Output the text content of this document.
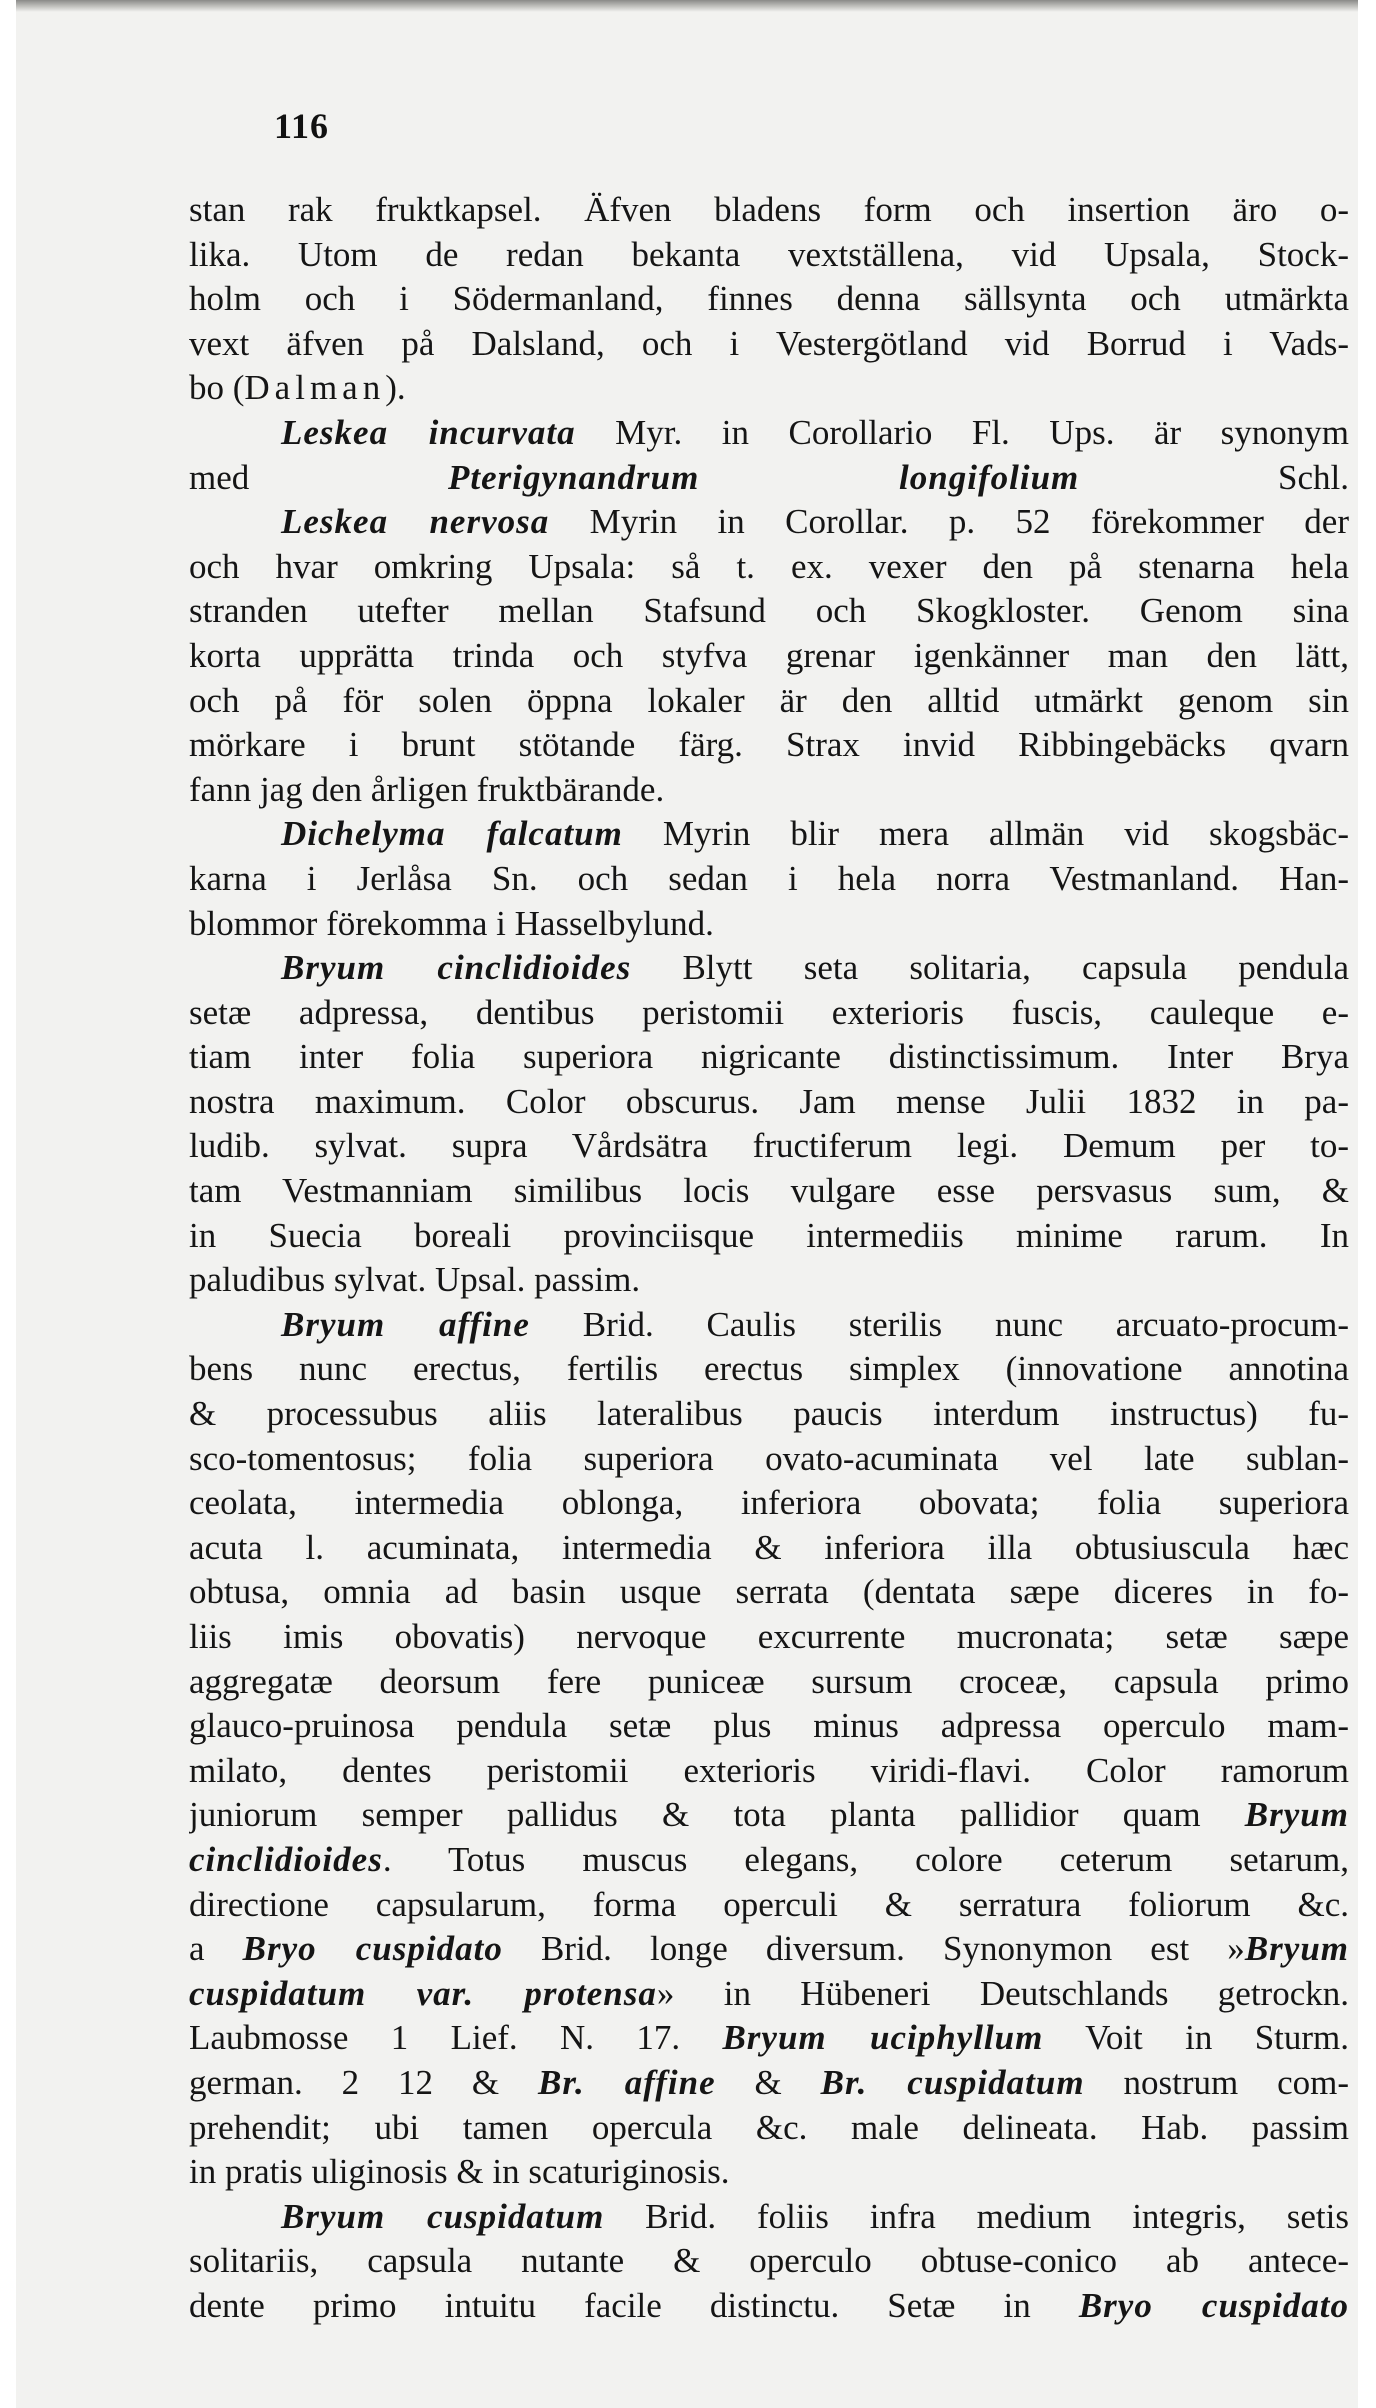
116
stan rak fruktkapsel. Äfven bladens form och insertion äro o-
lika. Utom de redan bekanta vextställena, vid Upsala, Stock-
holm och i Södermanland, finnes denna sällsynta och utmärkta
vext äfven på Dalsland, och i Vestergötland vid Borrud i Vads-
bo (Dalman).
Leskea incurvata Myr. in Corollario Fl. Ups. är synonym
med Pterigynandrum longifolium Schl.
Leskea nervosa Myrin in Corollar. p. 52 förekommer der
och hvar omkring Upsala: så t. ex. vexer den på stenarna hela
stranden utefter mellan Stafsund och Skogkloster. Genom sina
korta upprätta trinda och styfva grenar igenkänner man den lätt,
och på för solen öppna lokaler är den alltid utmärkt genom sin
mörkare i brunt stötande färg. Strax invid Ribbingebäcks qvarn
fann jag den årligen fruktbärande.
Dichelyma falcatum Myrin blir mera allmän vid skogsbäc-
karna i Jerlåsa Sn. och sedan i hela norra Vestmanland. Han-
blommor förekomma i Hasselbylund.
Bryum cinclidioides Blytt seta solitaria, capsula pendula
setæ adpressa, dentibus peristomii exterioris fuscis, cauleque e-
tiam inter folia superiora nigricante distinctissimum. Inter Brya
nostra maximum. Color obscurus. Jam mense Julii 1832 in pa-
ludib. sylvat. supra Vårdsätra fructiferum legi. Demum per to-
tam Vestmanniam similibus locis vulgare esse persvasus sum, &
in Suecia boreali provinciisque intermediis minime rarum. In
paludibus sylvat. Upsal. passim.
Bryum affine Brid. Caulis sterilis nunc arcuato-procum-
bens nunc erectus, fertilis erectus simplex (innovatione annotina
& processubus aliis lateralibus paucis interdum instructus) fu-
sco-tomentosus; folia superiora ovato-acuminata vel late sublan-
ceolata, intermedia oblonga, inferiora obovata; folia superiora
acuta l. acuminata, intermedia & inferiora illa obtusiuscula hæc
obtusa, omnia ad basin usque serrata (dentata sæpe diceres in fo-
liis imis obovatis) nervoque excurrente mucronata; setæ sæpe
aggregatæ deorsum fere puniceæ sursum croceæ, capsula primo
glauco-pruinosa pendula setæ plus minus adpressa operculo mam-
milato, dentes peristomii exterioris viridi-flavi. Color ramorum
juniorum semper pallidus & tota planta pallidior quam Bryum
cinclidioides. Totus muscus elegans, colore ceterum setarum,
directione capsularum, forma operculi & serratura foliorum &c.
a Bryo cuspidato Brid. longe diversum. Synonymon est »Bryum
cuspidatum var. protensa» in Hübeneri Deutschlands getrockn.
Laubmosse 1 Lief. N. 17. Bryum uciphyllum Voit in Sturm.
german. 2 12 & Br. affine & Br. cuspidatum nostrum com-
prehendit; ubi tamen opercula &c. male delineata. Hab. passim
in pratis uliginosis & in scaturiginosis.
Bryum cuspidatum Brid. foliis infra medium integris, setis
solitariis, capsula nutante & operculo obtuse-conico ab antece-
dente primo intuitu facile distinctu. Setæ in Bryo cuspidato
